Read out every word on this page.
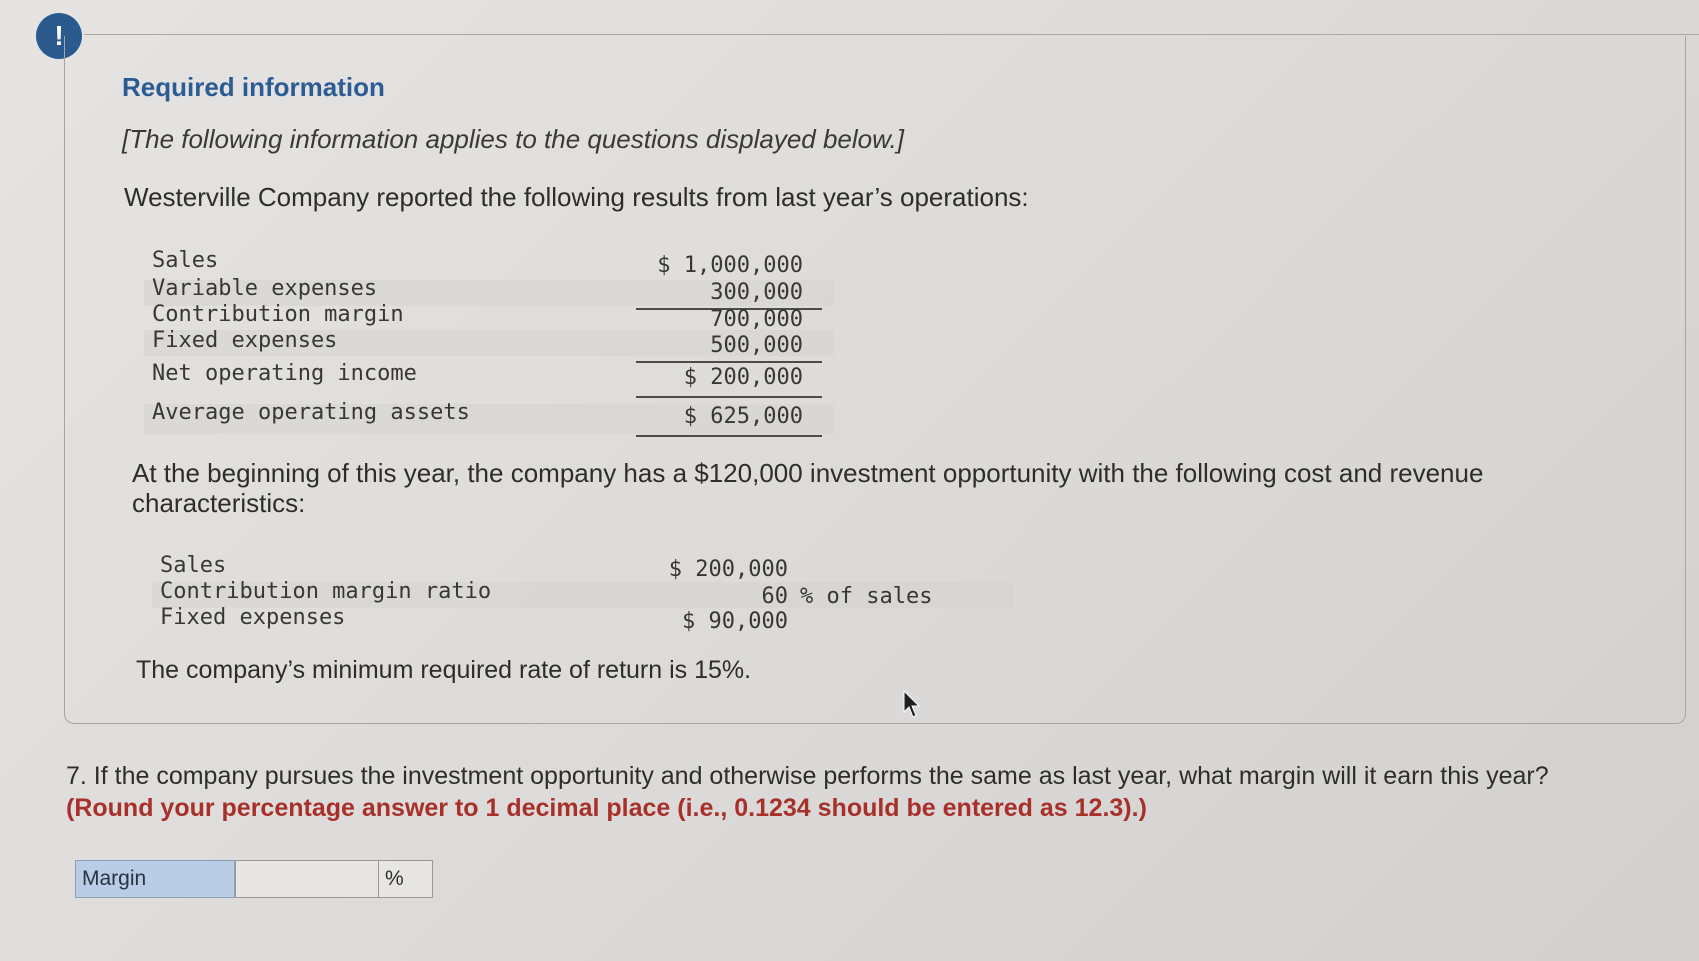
!
Required information
[The following information applies to the questions displayed below.]
Westerville Company reported the following results from last year’s operations:
Sales	$ 1,000,000
Variable expenses	300,000
Contribution margin	700,000
Fixed expenses	500,000
Net operating income	$ 200,000
Average operating assets	$ 625,000
At the beginning of this year, the company has a $120,000 investment opportunity with the following cost and revenue characteristics:
Sales	$ 200,000
Contribution margin ratio	60 % of sales
Fixed expenses	$ 90,000
The company’s minimum required rate of return is 15%.
7. If the company pursues the investment opportunity and otherwise performs the same as last year, what margin will it earn this year?
(Round your percentage answer to 1 decimal place (i.e., 0.1234 should be entered as 12.3).)
Margin	%
